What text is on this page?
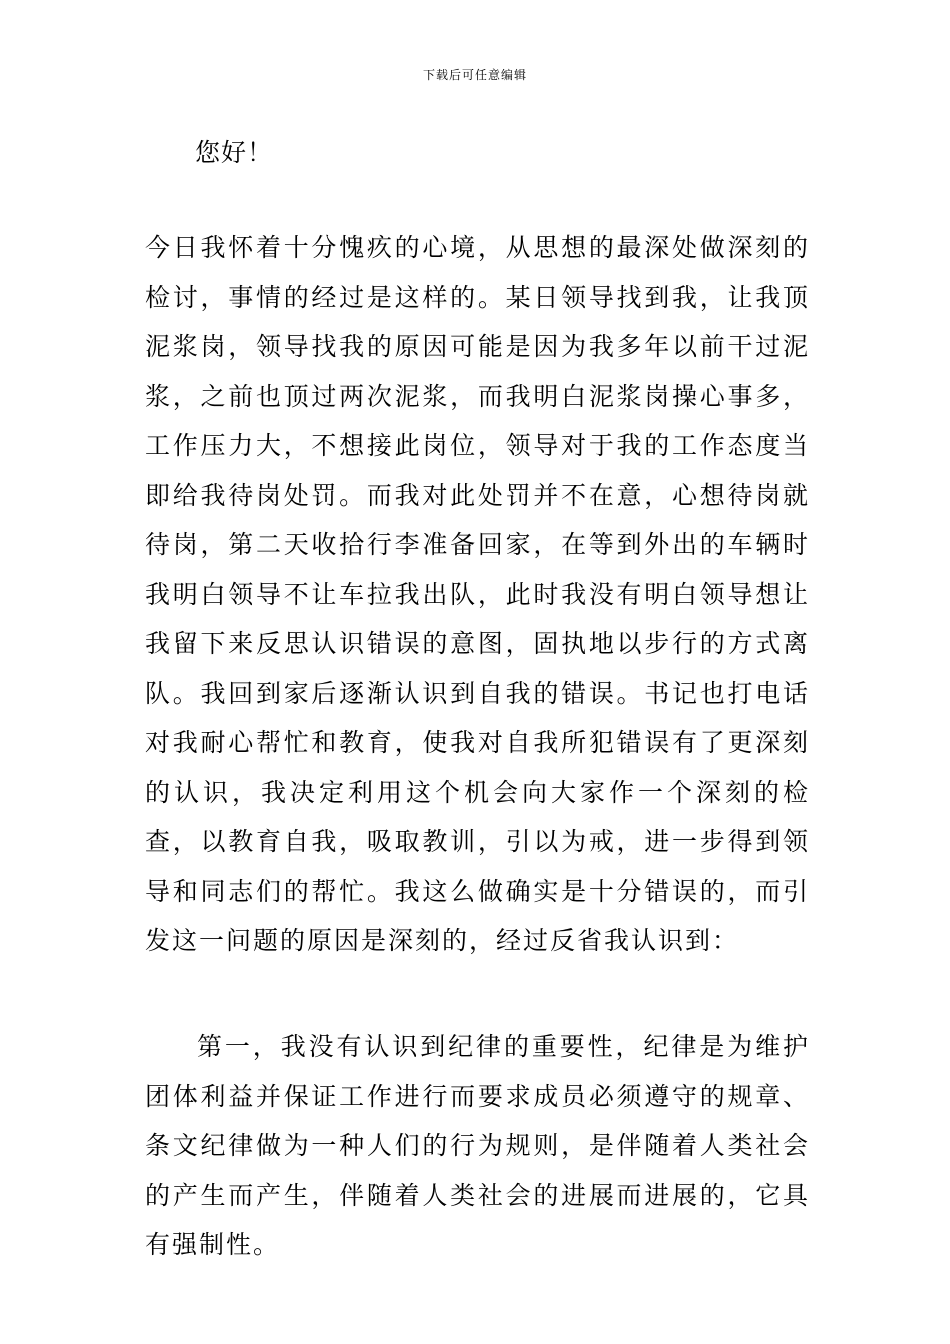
下载后可任意编辑
您好！

今日我怀着十分愧疚的心境，从思想的最深处做深刻的检讨，事情的经过是这样的。某日领导找到我，让我顶泥浆岗，领导找我的原因可能是因为我多年以前干过泥浆，之前也顶过两次泥浆，而我明白泥浆岗操心事多，工作压力大，不想接此岗位，领导对于我的工作态度当即给我待岗处罚。而我对此处罚并不在意，心想待岗就待岗，第二天收拾行李准备回家，在等到外出的车辆时我明白领导不让车拉我出队，此时我没有明白领导想让我留下来反思认识错误的意图，固执地以步行的方式离队。我回到家后逐渐认识到自我的错误。书记也打电话对我耐心帮忙和教育，使我对自我所犯错误有了更深刻的认识，我决定利用这个机会向大家作一个深刻的检查，以教育自我，吸取教训，引以为戒，进一步得到领导和同志们的帮忙。我这么做确实是十分错误的，而引发这一问题的原因是深刻的，经过反省我认识到：

第一，我没有认识到纪律的重要性，纪律是为维护团体利益并保证工作进行而要求成员必须遵守的规章、条文纪律做为一种人们的行为规则，是伴随着人类社会的产生而产生，伴随着人类社会的进展而进展的，它具有强制性。
